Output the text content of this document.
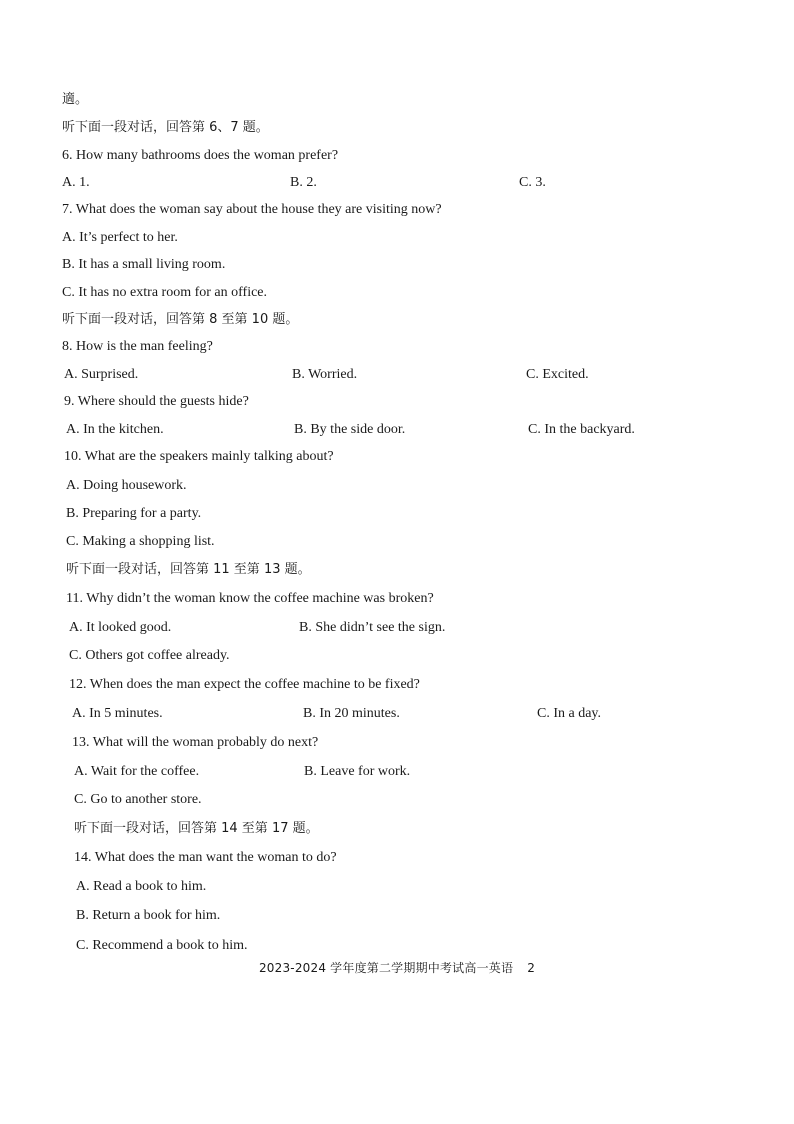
適。
听下面一段对话，回答第 6、7 题。
6. How many bathrooms does the woman prefer?
A. 1.	B. 2.	C. 3.
7. What does the woman say about the house they are visiting now?
A. It’s perfect to her.
B. It has a small living room.
C. It has no extra room for an office.
听下面一段对话，回答第 8 至第 10 题。
8. How is the man feeling?
A. Surprised.	B. Worried.	C. Excited.
9. Where should the guests hide?
A. In the kitchen.	B. By the side door.	C. In the backyard.
10. What are the speakers mainly talking about?
A. Doing housework.
B. Preparing for a party.
C. Making a shopping list.
听下面一段对话，回答第 11 至第 13 题。
11. Why didn’t the woman know the coffee machine was broken?
A. It looked good.	B. She didn’t see the sign.
C. Others got coffee already.
12. When does the man expect the coffee machine to be fixed?
A. In 5 minutes.	B. In 20 minutes.	C. In a day.
13. What will the woman probably do next?
A. Wait for the coffee.	B. Leave for work.
C. Go to another store.
听下面一段对话，回答第 14 至第 17 题。
14. What does the man want the woman to do?
A. Read a book to him.
B. Return a book for him.
C. Recommend a book to him.
2023-2024 学年度第二学期期中考试高一英语 2
